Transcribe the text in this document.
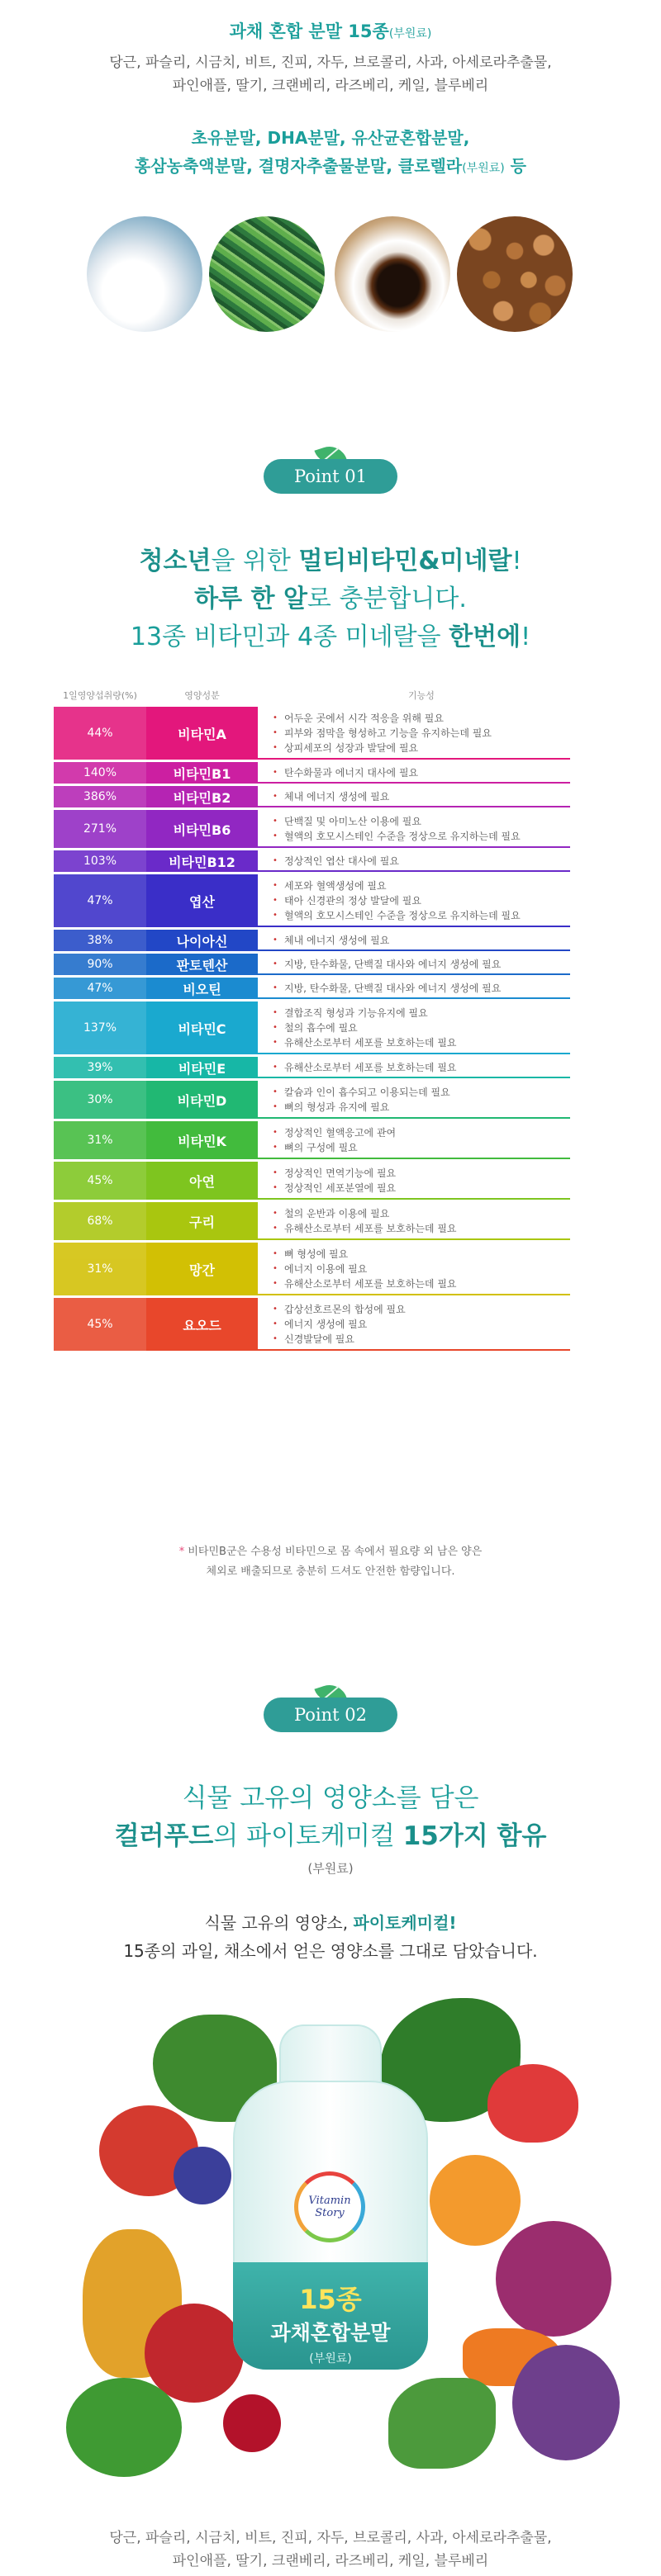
과채 혼합 분말 15종(부원료)
당근, 파슬리, 시금치, 비트, 진피, 자두, 브로콜리, 사과, 아세로라추출물,
파인애플, 딸기, 크랜베리, 라즈베리, 케일, 블루베리
초유분말, DHA분말, 유산균혼합분말,
홍삼농축액분말, 결명자추출물분말, 클로렐라(부원료) 등
Point 01
청소년을 위한 멀티비타민&미네랄!
하루 한 알로 충분합니다.
13종 비타민과 4종 미네랄을 한번에!
1일영양섭취량(%)	영양성분	기능성
44%	비타민A
• 어두운 곳에서 시각 적응을 위해 필요
• 피부와 점막을 형성하고 기능을 유지하는데 필요
• 상피세포의 성장과 발달에 필요
140%	비타민B1	• 탄수화물과 에너지 대사에 필요
386%	비타민B2	• 체내 에너지 생성에 필요
271%	비타민B6
• 단백질 및 아미노산 이용에 필요
• 혈액의 호모시스테인 수준을 정상으로 유지하는데 필요
103%	비타민B12	• 정상적인 엽산 대사에 필요
47%	엽산
• 세포와 혈액생성에 필요
• 태아 신경관의 정상 발달에 필요
• 혈액의 호모시스테인 수준을 정상으로 유지하는데 필요
38%	나이아신	• 체내 에너지 생성에 필요
90%	판토텐산	• 지방, 탄수화물, 단백질 대사와 에너지 생성에 필요
47%	비오틴	• 지방, 탄수화물, 단백질 대사와 에너지 생성에 필요
137%	비타민C
• 결합조직 형성과 기능유지에 필요
• 철의 흡수에 필요
• 유해산소로부터 세포를 보호하는데 필요
39%	비타민E	• 유해산소로부터 세포를 보호하는데 필요
30%	비타민D
• 칼슘과 인이 흡수되고 이용되는데 필요
• 뼈의 형성과 유지에 필요
31%	비타민K
• 정상적인 혈액응고에 관여
• 뼈의 구성에 필요
45%	아연
• 정상적인 면역기능에 필요
• 정상적인 세포분열에 필요
68%	구리
• 철의 운반과 이용에 필요
• 유해산소로부터 세포를 보호하는데 필요
31%	망간
• 뼈 형성에 필요
• 에너지 이용에 필요
• 유해산소로부터 세포를 보호하는데 필요
45%	요오드
• 갑상선호르몬의 합성에 필요
• 에너지 생성에 필요
• 신경발달에 필요
* 비타민B군은 수용성 비타민으로 몸 속에서 필요량 외 남은 양은
체외로 배출되므로 충분히 드셔도 안전한 함량입니다.
Point 02
식물 고유의 영양소를 담은
컬러푸드의 파이토케미컬 15가지 함유
(부원료)
식물 고유의 영양소, 파이토케미컬!
15종의 과일, 채소에서 얻은 영양소를 그대로 담았습니다.
Vitamin
Story
15종
과채혼합분말
(부원료)
당근, 파슬리, 시금치, 비트, 진피, 자두, 브로콜리, 사과, 아세로라추출물,
파인애플, 딸기, 크랜베리, 라즈베리, 케일, 블루베리
